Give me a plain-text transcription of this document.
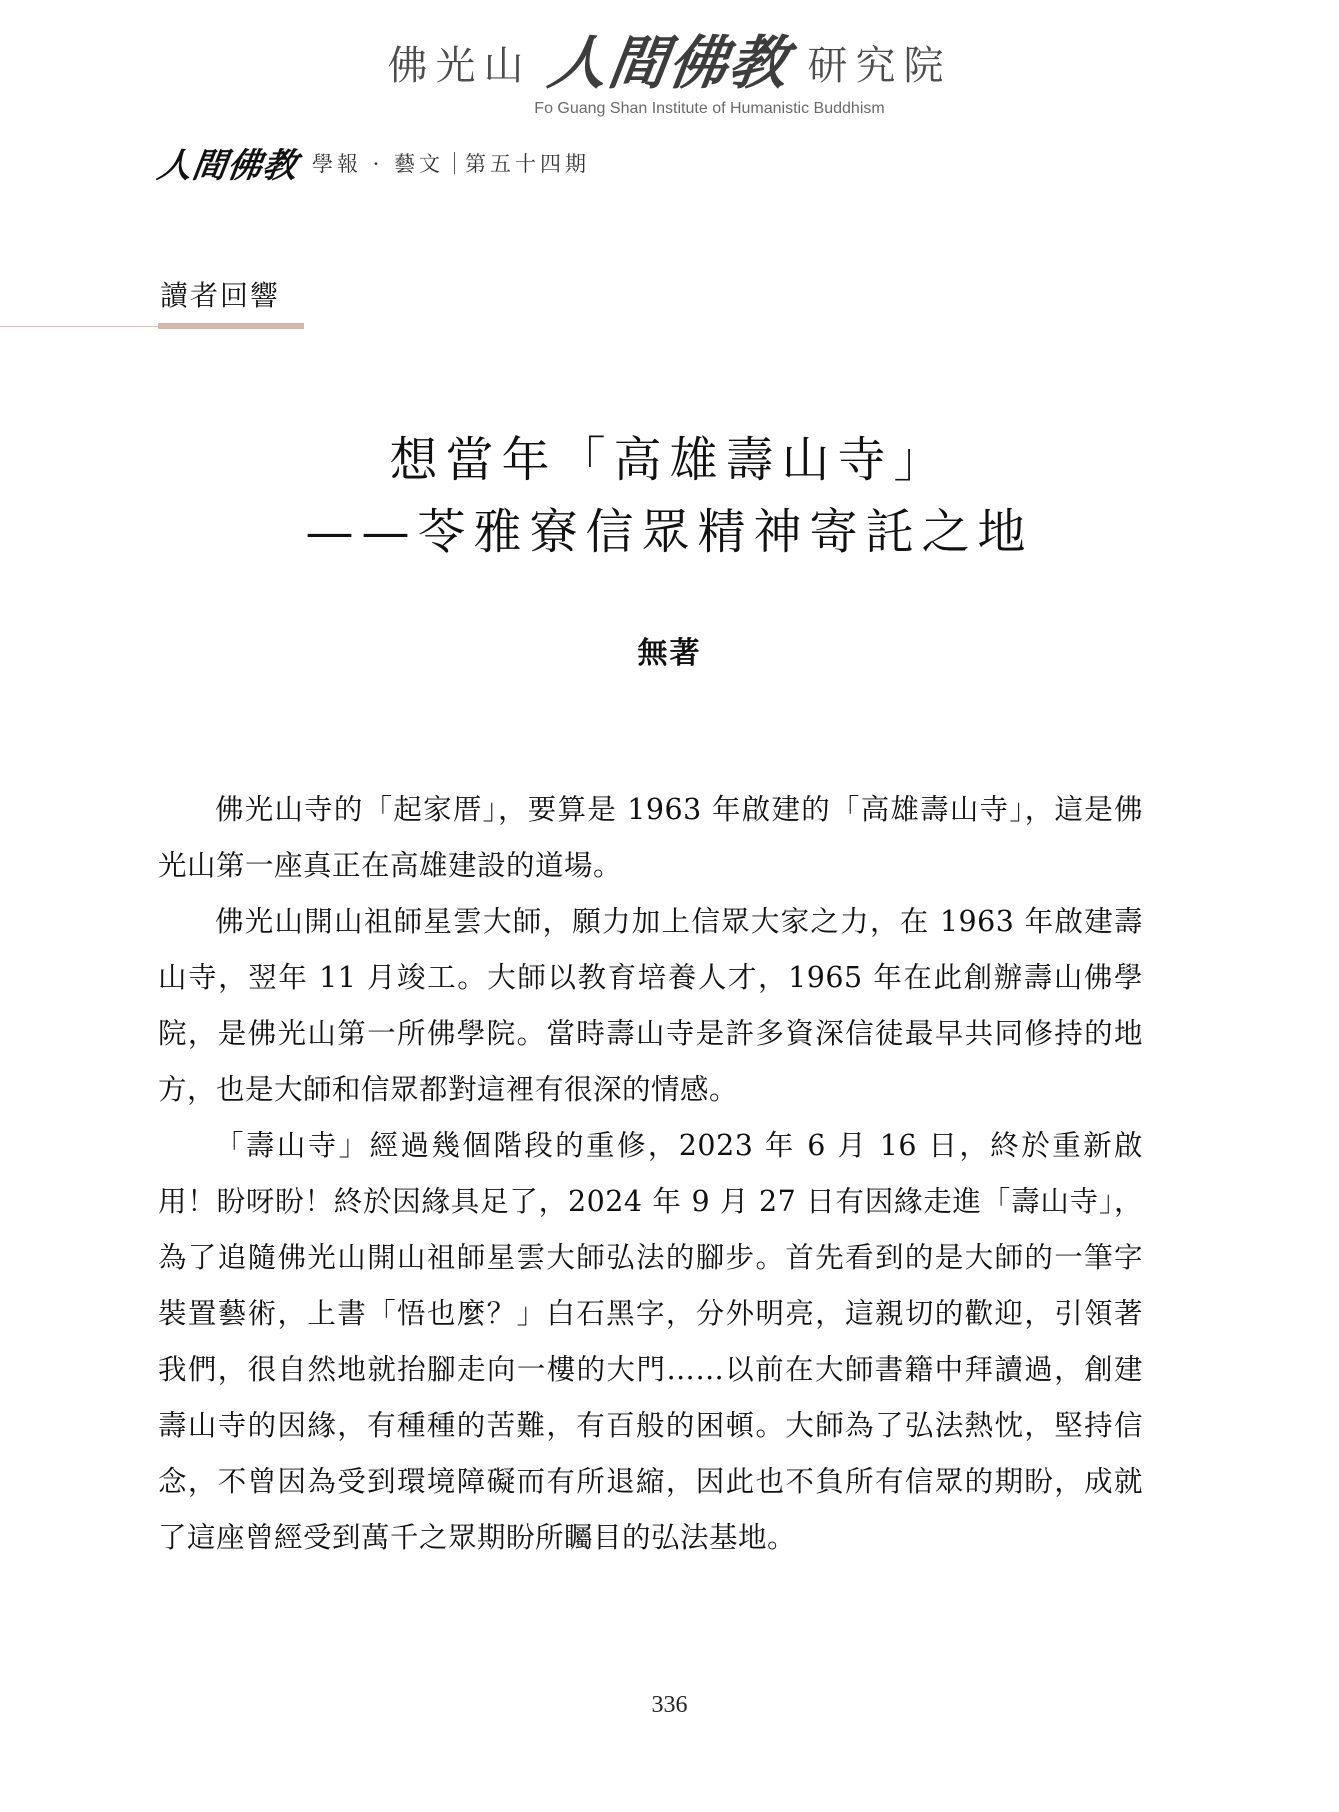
佛光山 人間佛教 研究院
Fo Guang Shan Institute of Humanistic Buddhism
人間佛教 學報 · 藝文 第五十四期
讀者回響
想當年「高雄壽山寺」
——苓雅寮信眾精神寄託之地
無著

佛光山寺的「起家厝」，要算是 1963 年啟建的「高雄壽山寺」，這是佛光山第一座真正在高雄建設的道場。

佛光山開山祖師星雲大師，願力加上信眾大家之力，在 1963 年啟建壽山寺，翌年 11 月竣工。大師以教育培養人才，1965 年在此創辦壽山佛學院，是佛光山第一所佛學院。當時壽山寺是許多資深信徒最早共同修持的地方，也是大師和信眾都對這裡有很深的情感。

「壽山寺」經過幾個階段的重修，2023 年 6 月 16 日，終於重新啟用！盼呀盼！終於因緣具足了，2024 年 9 月 27 日有因緣走進「壽山寺」，為了追隨佛光山開山祖師星雲大師弘法的腳步。首先看到的是大師的一筆字裝置藝術，上書「悟也麼？」白石黑字，分外明亮，這親切的歡迎，引領著我們，很自然地就抬腳走向一樓的大門……以前在大師書籍中拜讀過，創建壽山寺的因緣，有種種的苦難，有百般的困頓。大師為了弘法熱忱，堅持信念，不曾因為受到環境障礙而有所退縮，因此也不負所有信眾的期盼，成就了這座曾經受到萬千之眾期盼所矚目的弘法基地。

336
